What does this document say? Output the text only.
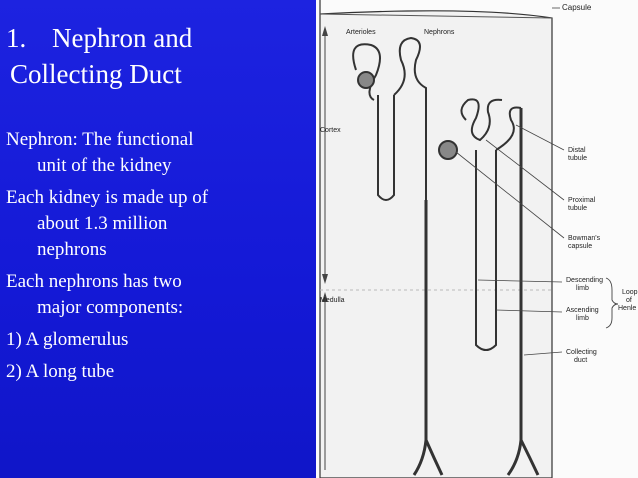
1. Nephron and
Collecting Duct
Nephron: The functional
unit of the kidney
Each kidney is made up of
about 1.3 million
nephrons
Each nephrons has two
major components:
1) A glomerulus
2) A long tube
Capsule
Arterioles	Nephrons
Cortex
Medulla
Distal
tubule
Proximal
tubule
Bowman's
capsule
Descending
limb
Ascending
limb
Loop
of
Henle
Collecting
duct
